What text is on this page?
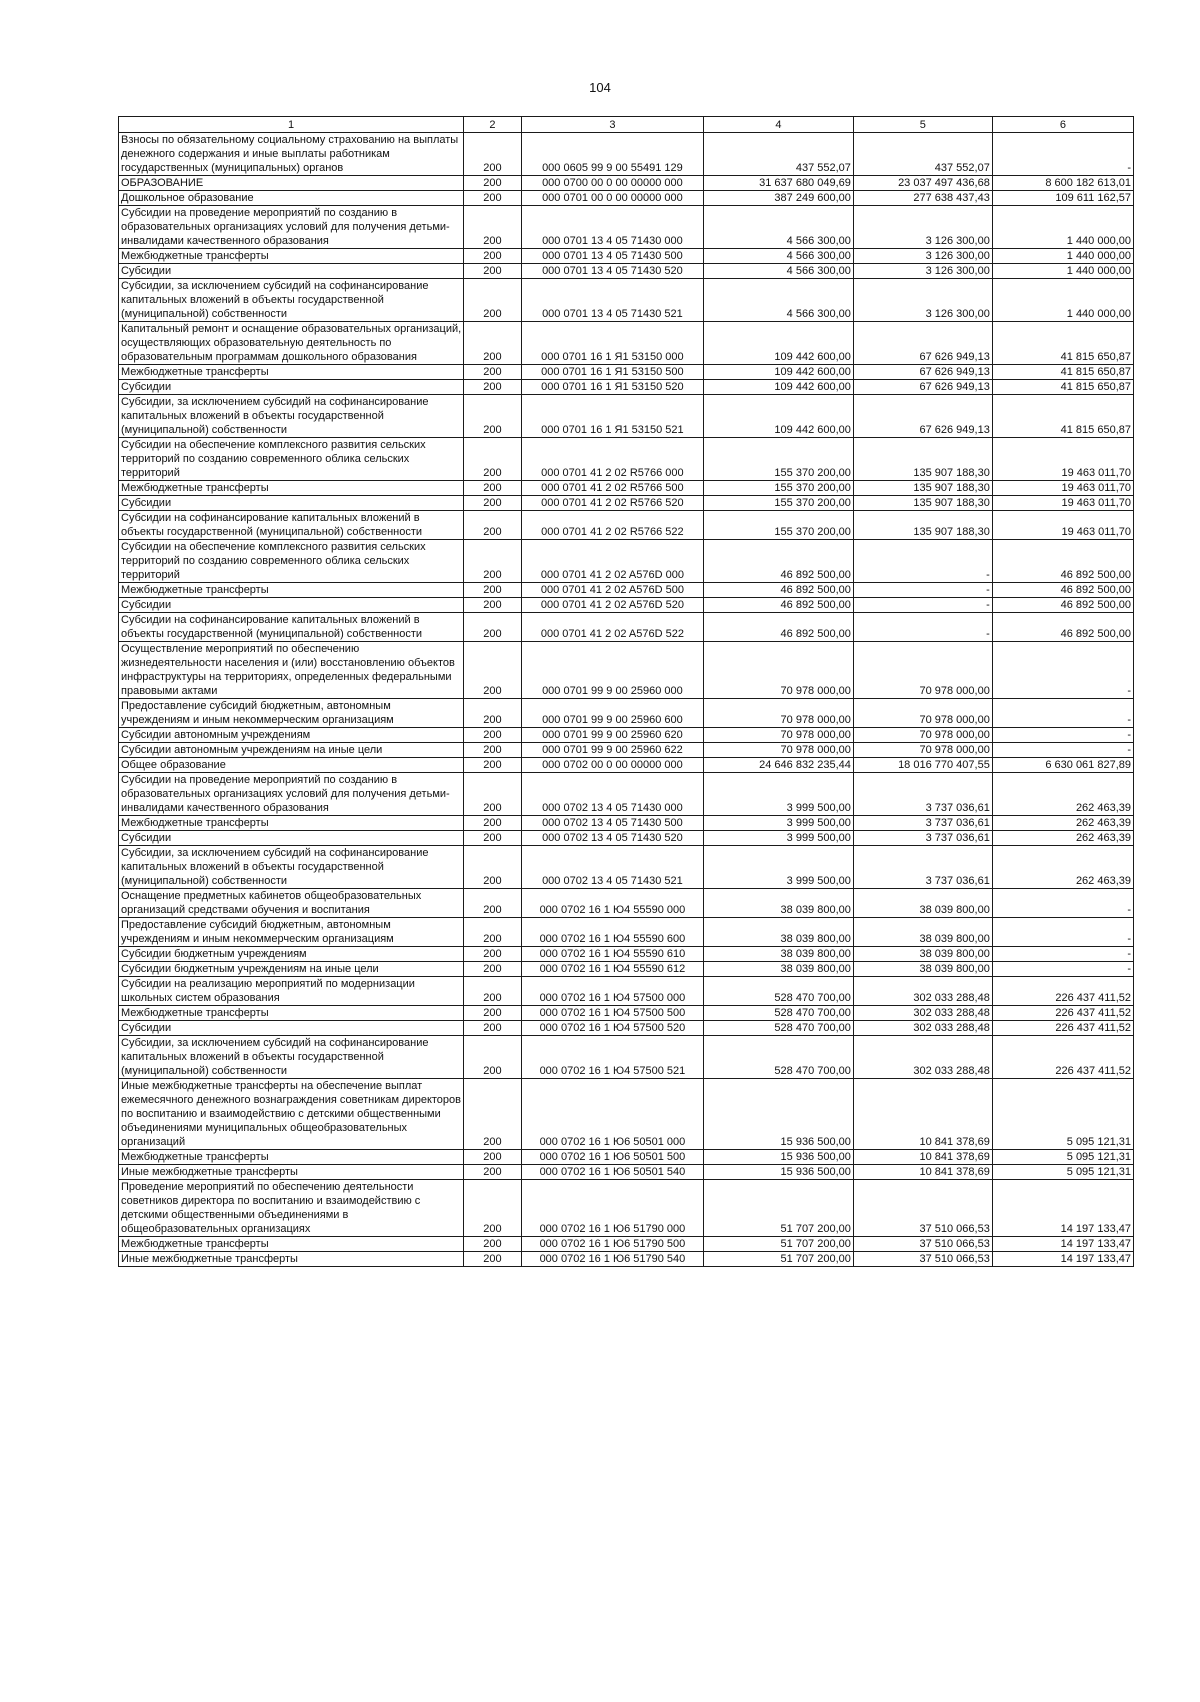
104
1	2	3	4	5	6
Взносы по обязательному социальному страхованию на выплаты денежного содержания и иные выплаты работникам государственных (муниципальных) органов	200	000 0605 99 9 00 55491 129	437 552,07	437 552,07	-
ОБРАЗОВАНИЕ	200	000 0700 00 0 00 00000 000	31 637 680 049,69	23 037 497 436,68	8 600 182 613,01
Дошкольное образование	200	000 0701 00 0 00 00000 000	387 249 600,00	277 638 437,43	109 611 162,57
Субсидии на проведение мероприятий по созданию в образовательных организациях условий для получения детьми-инвалидами качественного образования	200	000 0701 13 4 05 71430 000	4 566 300,00	3 126 300,00	1 440 000,00
Межбюджетные трансферты	200	000 0701 13 4 05 71430 500	4 566 300,00	3 126 300,00	1 440 000,00
Субсидии	200	000 0701 13 4 05 71430 520	4 566 300,00	3 126 300,00	1 440 000,00
Субсидии, за исключением субсидий на софинансирование капитальных вложений в объекты государственной (муниципальной) собственности	200	000 0701 13 4 05 71430 521	4 566 300,00	3 126 300,00	1 440 000,00
Капитальный ремонт и оснащение образовательных организаций, осуществляющих образовательную деятельность по образовательным программам дошкольного образования	200	000 0701 16 1 Я1 53150 000	109 442 600,00	67 626 949,13	41 815 650,87
Межбюджетные трансферты	200	000 0701 16 1 Я1 53150 500	109 442 600,00	67 626 949,13	41 815 650,87
Субсидии	200	000 0701 16 1 Я1 53150 520	109 442 600,00	67 626 949,13	41 815 650,87
Субсидии, за исключением субсидий на софинансирование капитальных вложений в объекты государственной (муниципальной) собственности	200	000 0701 16 1 Я1 53150 521	109 442 600,00	67 626 949,13	41 815 650,87
Субсидии на обеспечение комплексного развития сельских территорий по созданию современного облика сельских территорий	200	000 0701 41 2 02 R5766 000	155 370 200,00	135 907 188,30	19 463 011,70
Межбюджетные трансферты	200	000 0701 41 2 02 R5766 500	155 370 200,00	135 907 188,30	19 463 011,70
Субсидии	200	000 0701 41 2 02 R5766 520	155 370 200,00	135 907 188,30	19 463 011,70
Субсидии на софинансирование капитальных вложений в объекты государственной (муниципальной) собственности	200	000 0701 41 2 02 R5766 522	155 370 200,00	135 907 188,30	19 463 011,70
Субсидии на обеспечение комплексного развития сельских территорий по созданию современного облика сельских территорий	200	000 0701 41 2 02 A576D 000	46 892 500,00	-	46 892 500,00
Межбюджетные трансферты	200	000 0701 41 2 02 A576D 500	46 892 500,00	-	46 892 500,00
Субсидии	200	000 0701 41 2 02 A576D 520	46 892 500,00	-	46 892 500,00
Субсидии на софинансирование капитальных вложений в объекты государственной (муниципальной) собственности	200	000 0701 41 2 02 A576D 522	46 892 500,00	-	46 892 500,00
Осуществление мероприятий по обеспечению жизнедеятельности населения и (или) восстановлению объектов инфраструктуры на территориях, определенных федеральными правовыми актами	200	000 0701 99 9 00 25960 000	70 978 000,00	70 978 000,00	-
Предоставление субсидий бюджетным, автономным учреждениям и иным некоммерческим организациям	200	000 0701 99 9 00 25960 600	70 978 000,00	70 978 000,00	-
Субсидии автономным учреждениям	200	000 0701 99 9 00 25960 620	70 978 000,00	70 978 000,00	-
Субсидии автономным учреждениям на иные цели	200	000 0701 99 9 00 25960 622	70 978 000,00	70 978 000,00	-
Общее образование	200	000 0702 00 0 00 00000 000	24 646 832 235,44	18 016 770 407,55	6 630 061 827,89
Субсидии на проведение мероприятий по созданию в образовательных организациях условий для получения детьми-инвалидами качественного образования	200	000 0702 13 4 05 71430 000	3 999 500,00	3 737 036,61	262 463,39
Межбюджетные трансферты	200	000 0702 13 4 05 71430 500	3 999 500,00	3 737 036,61	262 463,39
Субсидии	200	000 0702 13 4 05 71430 520	3 999 500,00	3 737 036,61	262 463,39
Субсидии, за исключением субсидий на софинансирование капитальных вложений в объекты государственной (муниципальной) собственности	200	000 0702 13 4 05 71430 521	3 999 500,00	3 737 036,61	262 463,39
Оснащение предметных кабинетов общеобразовательных организаций средствами обучения и воспитания	200	000 0702 16 1 Ю4 55590 000	38 039 800,00	38 039 800,00	-
Предоставление субсидий бюджетным, автономным учреждениям и иным некоммерческим организациям	200	000 0702 16 1 Ю4 55590 600	38 039 800,00	38 039 800,00	-
Субсидии бюджетным учреждениям	200	000 0702 16 1 Ю4 55590 610	38 039 800,00	38 039 800,00	-
Субсидии бюджетным учреждениям на иные цели	200	000 0702 16 1 Ю4 55590 612	38 039 800,00	38 039 800,00	-
Субсидии на реализацию мероприятий по модернизации школьных систем образования	200	000 0702 16 1 Ю4 57500 000	528 470 700,00	302 033 288,48	226 437 411,52
Межбюджетные трансферты	200	000 0702 16 1 Ю4 57500 500	528 470 700,00	302 033 288,48	226 437 411,52
Субсидии	200	000 0702 16 1 Ю4 57500 520	528 470 700,00	302 033 288,48	226 437 411,52
Субсидии, за исключением субсидий на софинансирование капитальных вложений в объекты государственной (муниципальной) собственности	200	000 0702 16 1 Ю4 57500 521	528 470 700,00	302 033 288,48	226 437 411,52
Иные межбюджетные трансферты на обеспечение выплат ежемесячного денежного вознаграждения советникам директоров по воспитанию и взаимодействию с детскими общественными объединениями муниципальных общеобразовательных организаций	200	000 0702 16 1 Ю6 50501 000	15 936 500,00	10 841 378,69	5 095 121,31
Межбюджетные трансферты	200	000 0702 16 1 Ю6 50501 500	15 936 500,00	10 841 378,69	5 095 121,31
Иные межбюджетные трансферты	200	000 0702 16 1 Ю6 50501 540	15 936 500,00	10 841 378,69	5 095 121,31
Проведение мероприятий по обеспечению деятельности советников директора по воспитанию и взаимодействию с детскими общественными объединениями в общеобразовательных организациях	200	000 0702 16 1 Ю6 51790 000	51 707 200,00	37 510 066,53	14 197 133,47
Межбюджетные трансферты	200	000 0702 16 1 Ю6 51790 500	51 707 200,00	37 510 066,53	14 197 133,47
Иные межбюджетные трансферты	200	000 0702 16 1 Ю6 51790 540	51 707 200,00	37 510 066,53	14 197 133,47
